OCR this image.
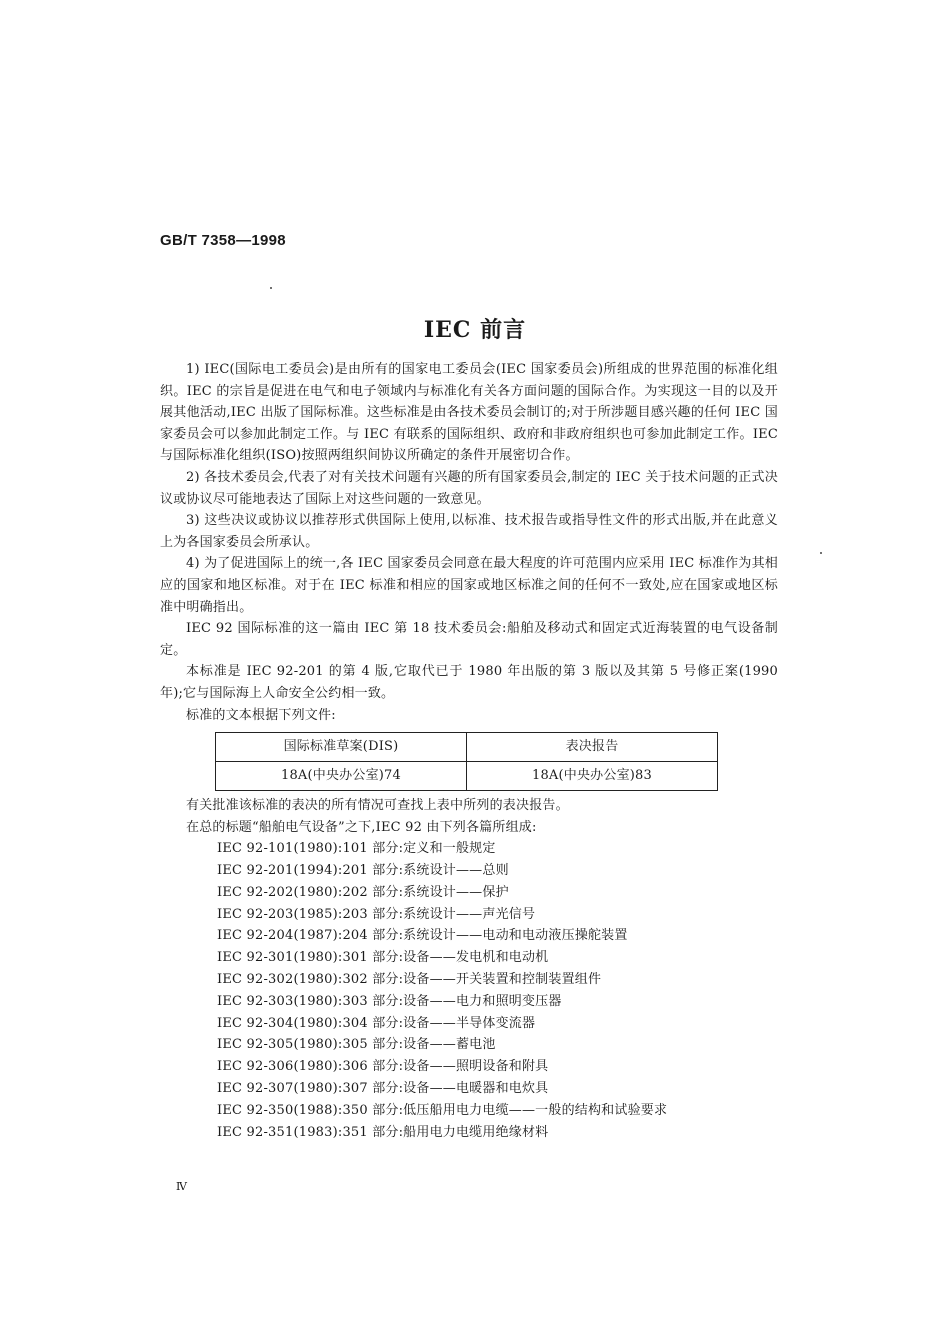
GB/T 7358—1998
IEC 前言

1) IEC(国际电工委员会)是由所有的国家电工委员会(IEC 国家委员会)所组成的世界范围的标准化组织。IEC 的宗旨是促进在电气和电子领域内与标准化有关各方面问题的国际合作。为实现这一目的以及开展其他活动,IEC 出版了国际标准。这些标准是由各技术委员会制订的;对于所涉题目感兴趣的任何 IEC 国家委员会可以参加此制定工作。与 IEC 有联系的国际组织、政府和非政府组织也可参加此制定工作。IEC 与国际标准化组织(ISO)按照两组织间协议所确定的条件开展密切合作。

2) 各技术委员会,代表了对有关技术问题有兴趣的所有国家委员会,制定的 IEC 关于技术问题的正式决议或协议尽可能地表达了国际上对这些问题的一致意见。

3) 这些决议或协议以推荐形式供国际上使用,以标准、技术报告或指导性文件的形式出版,并在此意义上为各国家委员会所承认。

4) 为了促进国际上的统一,各 IEC 国家委员会同意在最大程度的许可范围内应采用 IEC 标准作为其相应的国家和地区标准。对于在 IEC 标准和相应的国家或地区标准之间的任何不一致处,应在国家或地区标准中明确指出。

IEC 92 国际标准的这一篇由 IEC 第 18 技术委员会:船舶及移动式和固定式近海装置的电气设备制定。

本标准是 IEC 92-201 的第 4 版,它取代已于 1980 年出版的第 3 版以及其第 5 号修正案(1990 年);它与国际海上人命安全公约相一致。

标准的文本根据下列文件:

国际标准草案(DIS)	表决报告
18A(中央办公室)74	18A(中央办公室)83

有关批准该标准的表决的所有情况可查找上表中所列的表决报告。

在总的标题“船舶电气设备”之下,IEC 92 由下列各篇所组成:

IEC 92-101(1980):101 部分:定义和一般规定
IEC 92-201(1994):201 部分:系统设计——总则
IEC 92-202(1980):202 部分:系统设计——保护
IEC 92-203(1985):203 部分:系统设计——声光信号
IEC 92-204(1987):204 部分:系统设计——电动和电动液压操舵装置
IEC 92-301(1980):301 部分:设备——发电机和电动机
IEC 92-302(1980):302 部分:设备——开关装置和控制装置组件
IEC 92-303(1980):303 部分:设备——电力和照明变压器
IEC 92-304(1980):304 部分:设备——半导体变流器
IEC 92-305(1980):305 部分:设备——蓄电池
IEC 92-306(1980):306 部分:设备——照明设备和附具
IEC 92-307(1980):307 部分:设备——电暖器和电炊具
IEC 92-350(1988):350 部分:低压船用电力电缆——一般的结构和试验要求
IEC 92-351(1983):351 部分:船用电力电缆用绝缘材料
Ⅳ
